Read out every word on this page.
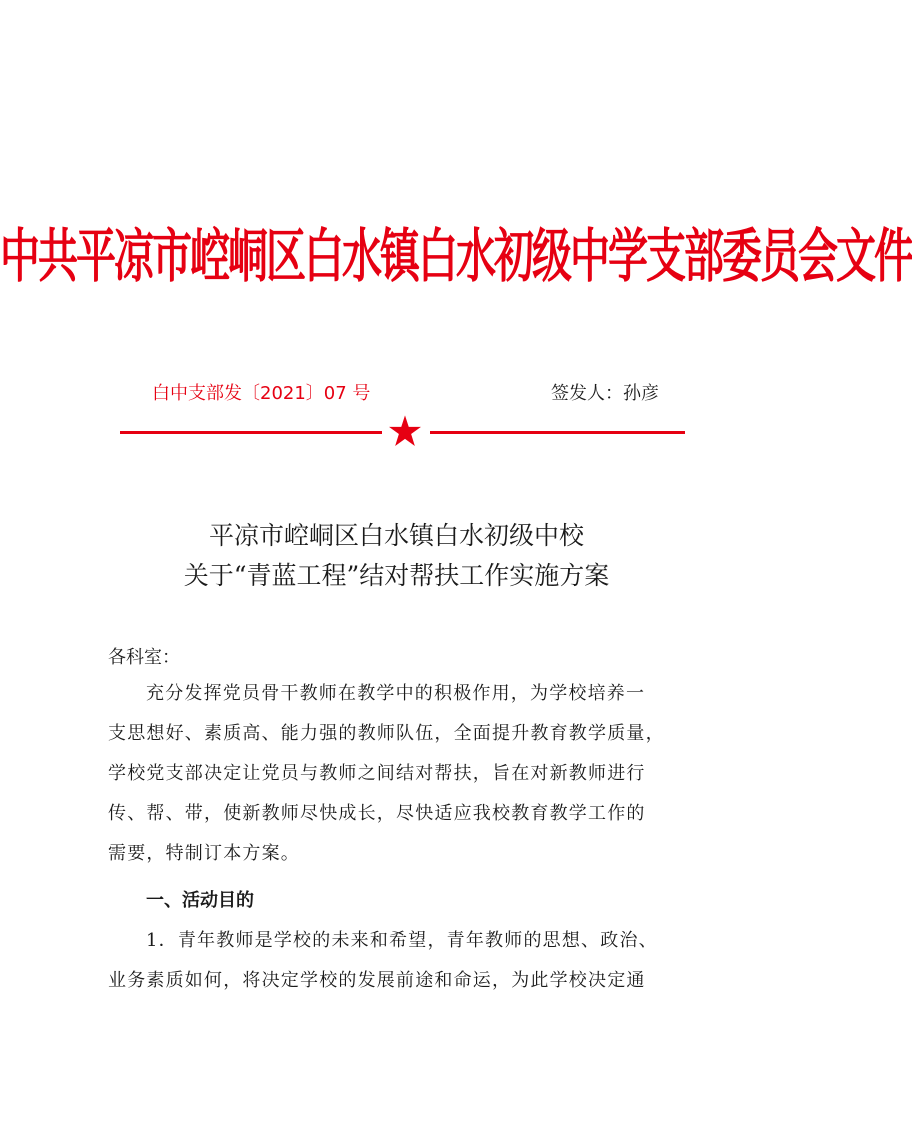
中共平凉市崆峒区白水镇白水初级中学支部委员会文件
白中支部发〔2021〕07 号	签发人：孙彦
平凉市崆峒区白水镇白水初级中校
关于“青蓝工程”结对帮扶工作实施方案
各科室：
充分发挥党员骨干教师在教学中的积极作用，为学校培养一
支思想好、素质高、能力强的教师队伍，全面提升教育教学质量，
学校党支部决定让党员与教师之间结对帮扶，旨在对新教师进行
传、帮、带，使新教师尽快成长，尽快适应我校教育教学工作的
需要，特制订本方案。
一、活动目的
1．青年教师是学校的未来和希望，青年教师的思想、政治、
业务素质如何，将决定学校的发展前途和命运，为此学校决定通
